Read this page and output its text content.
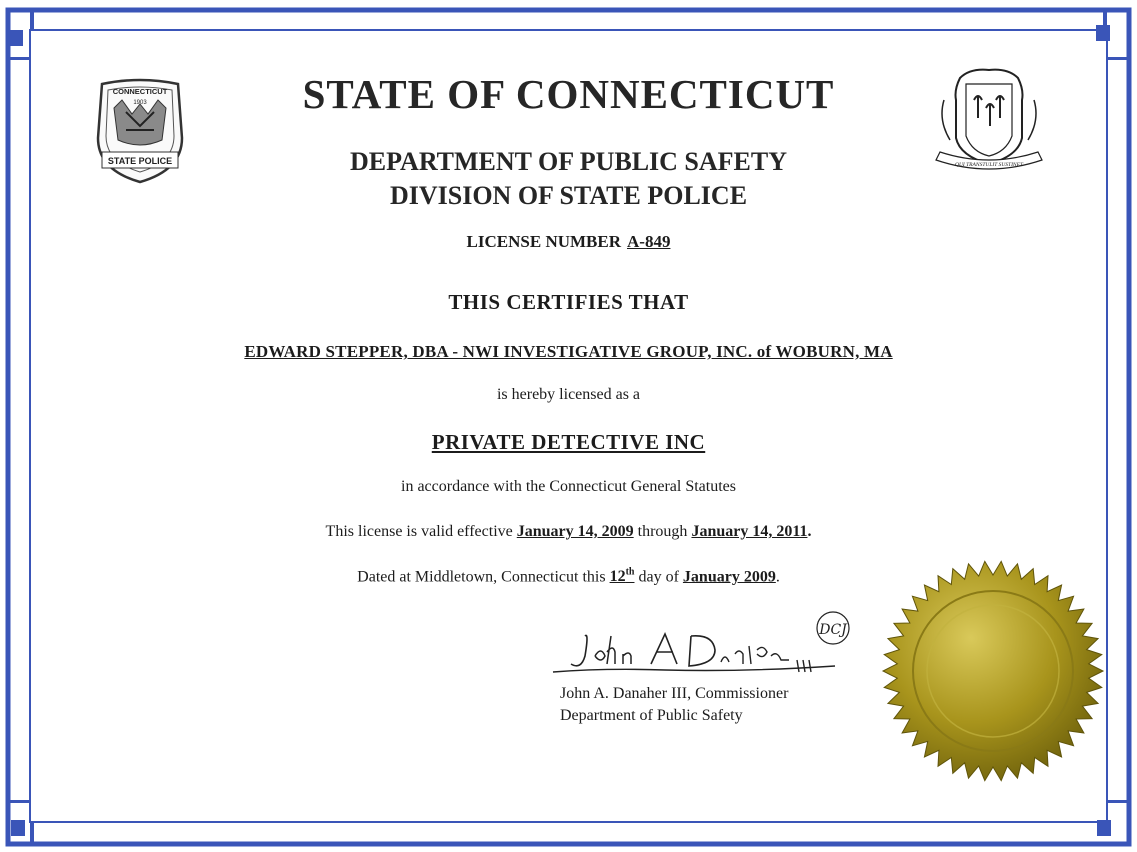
CONNECTICUT
1903
STATE POLICE	QUI TRANSTULIT SUSTINET
STATE OF CONNECTICUT
DEPARTMENT OF PUBLIC SAFETY
DIVISION OF STATE POLICE
LICENSE NUMBER A-849
THIS CERTIFIES THAT
EDWARD STEPPER, DBA - NWI INVESTIGATIVE GROUP, INC. of WOBURN, MA
is hereby licensed as a
PRIVATE DETECTIVE INC
in accordance with the Connecticut General Statutes
This license is valid effective January 14, 2009 through January 14, 2011.
Dated at Middletown, Connecticut this 12th day of January 2009.
DCJ
John A. Danaher III, Commissioner
Department of Public Safety
